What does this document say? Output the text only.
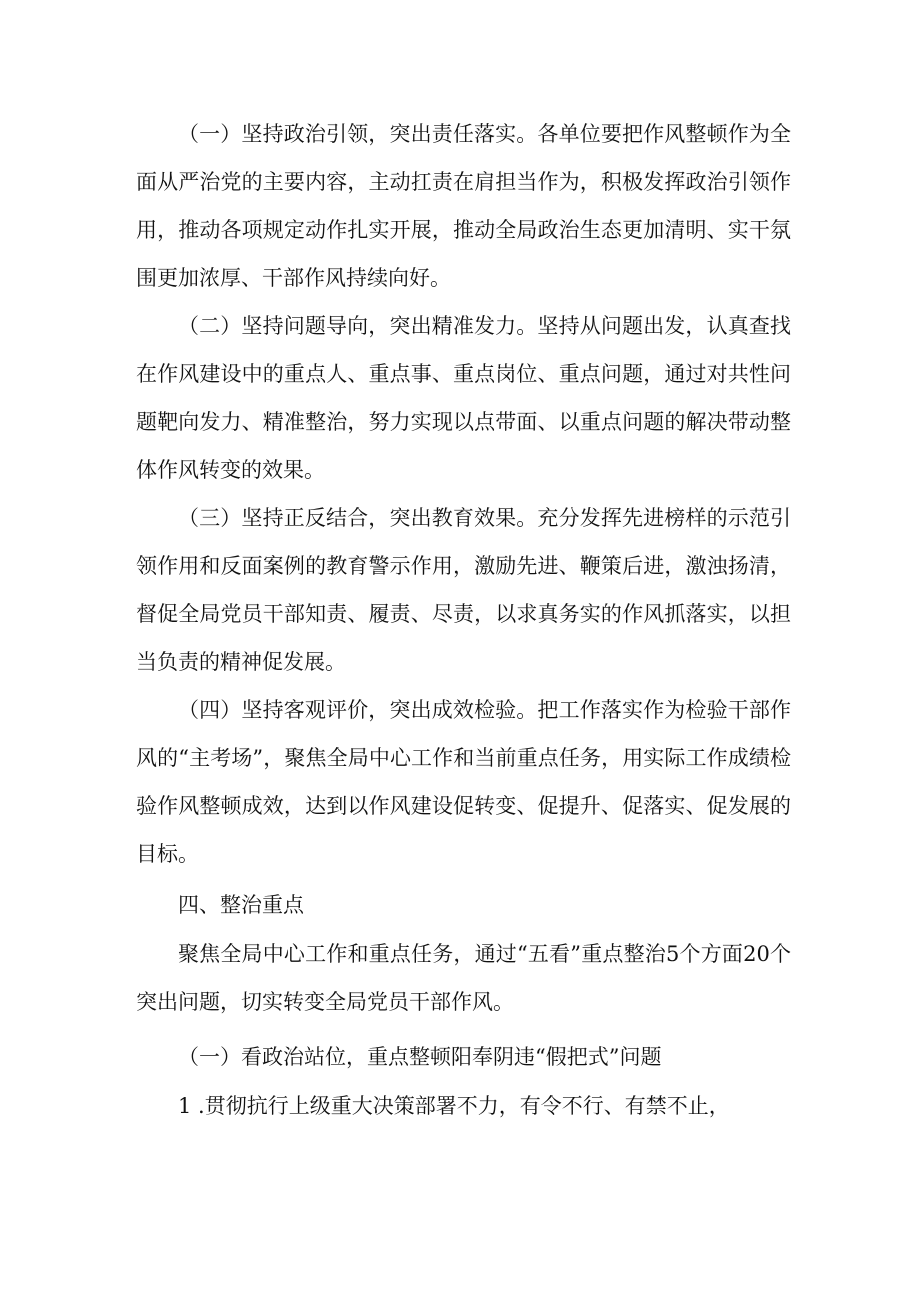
（一）坚持政治引领，突出责任落实。各单位要把作风整顿作为全面从严治党的主要内容，主动扛责在肩担当作为，积极发挥政治引领作用，推动各项规定动作扎实开展，推动全局政治生态更加清明、实干氛围更加浓厚、干部作风持续向好。

（二）坚持问题导向，突出精准发力。坚持从问题出发，认真查找在作风建设中的重点人、重点事、重点岗位、重点问题，通过对共性问题靶向发力、精准整治，努力实现以点带面、以重点问题的解决带动整体作风转变的效果。

（三）坚持正反结合，突出教育效果。充分发挥先进榜样的示范引领作用和反面案例的教育警示作用，激励先进、鞭策后进，激浊扬清，督促全局党员干部知责、履责、尽责，以求真务实的作风抓落实，以担当负责的精神促发展。

（四）坚持客观评价，突出成效检验。把工作落实作为检验干部作风的“主考场”，聚焦全局中心工作和当前重点任务，用实际工作成绩检验作风整顿成效，达到以作风建设促转变、促提升、促落实、促发展的目标。

四、整治重点

聚焦全局中心工作和重点任务，通过“五看”重点整治5个方面20个突出问题，切实转变全局党员干部作风。

（一）看政治站位，重点整顿阳奉阴违“假把式”问题

1 .贯彻抗行上级重大决策部署不力，有令不行、有禁不止，
